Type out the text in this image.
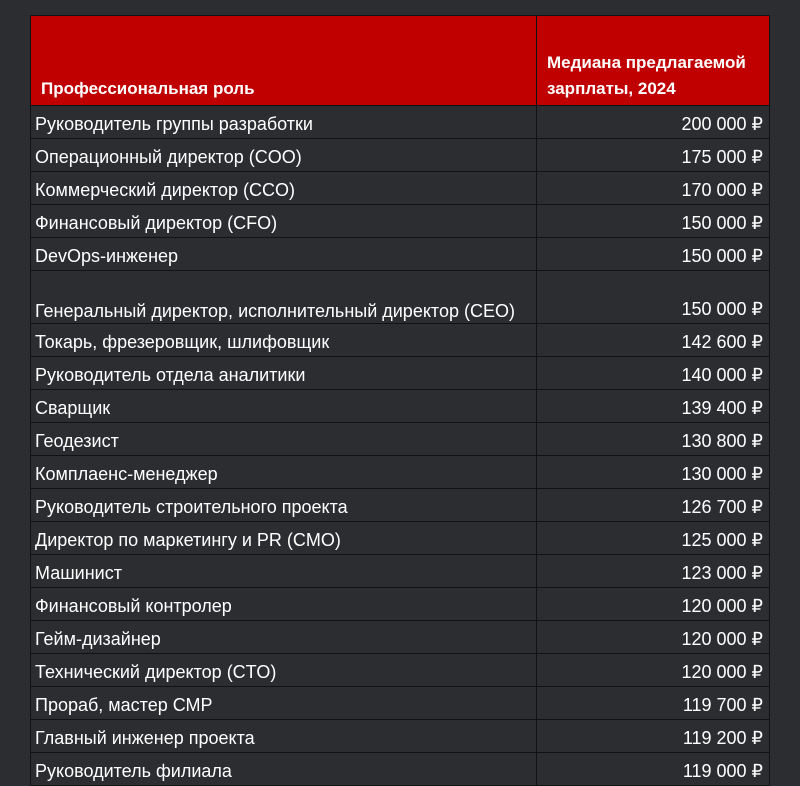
Профессиональная роль	Медиана предлагаемой зарплаты, 2024
Руководитель группы разработки	200 000 ₽
Операционный директор (COO)	175 000 ₽
Коммерческий директор (CCO)	170 000 ₽
Финансовый директор (CFO)	150 000 ₽
DevOps-инженер	150 000 ₽
Генеральный директор, исполнительный директор (CEO)	150 000 ₽
Токарь, фрезеровщик, шлифовщик	142 600 ₽
Руководитель отдела аналитики	140 000 ₽
Сварщик	139 400 ₽
Геодезист	130 800 ₽
Комплаенс-менеджер	130 000 ₽
Руководитель строительного проекта	126 700 ₽
Директор по маркетингу и PR (CMO)	125 000 ₽
Машинист	123 000 ₽
Финансовый контролер	120 000 ₽
Гейм-дизайнер	120 000 ₽
Технический директор (CTO)	120 000 ₽
Прораб, мастер СМР	119 700 ₽
Главный инженер проекта	119 200 ₽
Руководитель филиала	119 000 ₽
